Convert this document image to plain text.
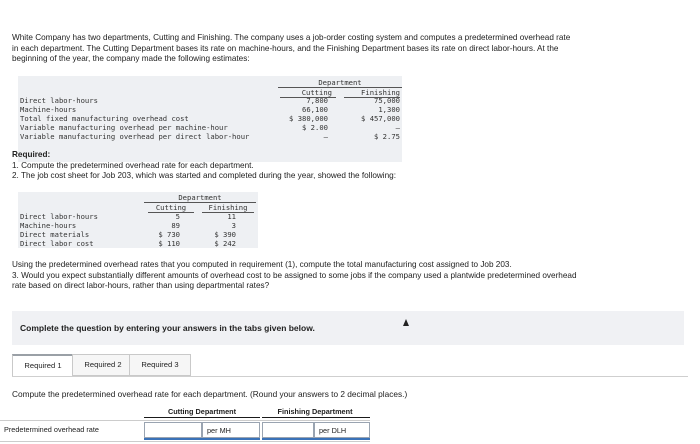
White Company has two departments, Cutting and Finishing. The company uses a job-order costing system and computes a predetermined overhead rate in each department. The Cutting Department bases its rate on machine-hours, and the Finishing Department bases its rate on direct labor-hours. At the beginning of the year, the company made the following estimates:
Department
Cutting	Finishing
Direct labor-hours	7,800	75,000
Machine-hours	66,100	1,300
Total fixed manufacturing overhead cost	$ 380,000	$ 457,000
Variable manufacturing overhead per machine-hour	$ 2.00	–
Variable manufacturing overhead per direct labor-hour	–	$ 2.75
Required:
1. Compute the predetermined overhead rate for each department.
2. The job cost sheet for Job 203, which was started and completed during the year, showed the following:
Department
Cutting	Finishing
Direct labor-hours	5	11
Machine-hours	89	3
Direct materials	$ 730	$ 390
Direct labor cost	$ 110	$ 242
Using the predetermined overhead rates that you computed in requirement (1), compute the total manufacturing cost assigned to Job 203.
3. Would you expect substantially different amounts of overhead cost to be assigned to some jobs if the company used a plantwide predetermined overhead rate based on direct labor-hours, rather than using departmental rates?
Complete the question by entering your answers in the tabs given below.
Required 1	Required 2	Required 3
Compute the predetermined overhead rate for each department. (Round your answers to 2 decimal places.)
Cutting Department	Finishing Department
Predetermined overhead rate	per MH	per DLH
